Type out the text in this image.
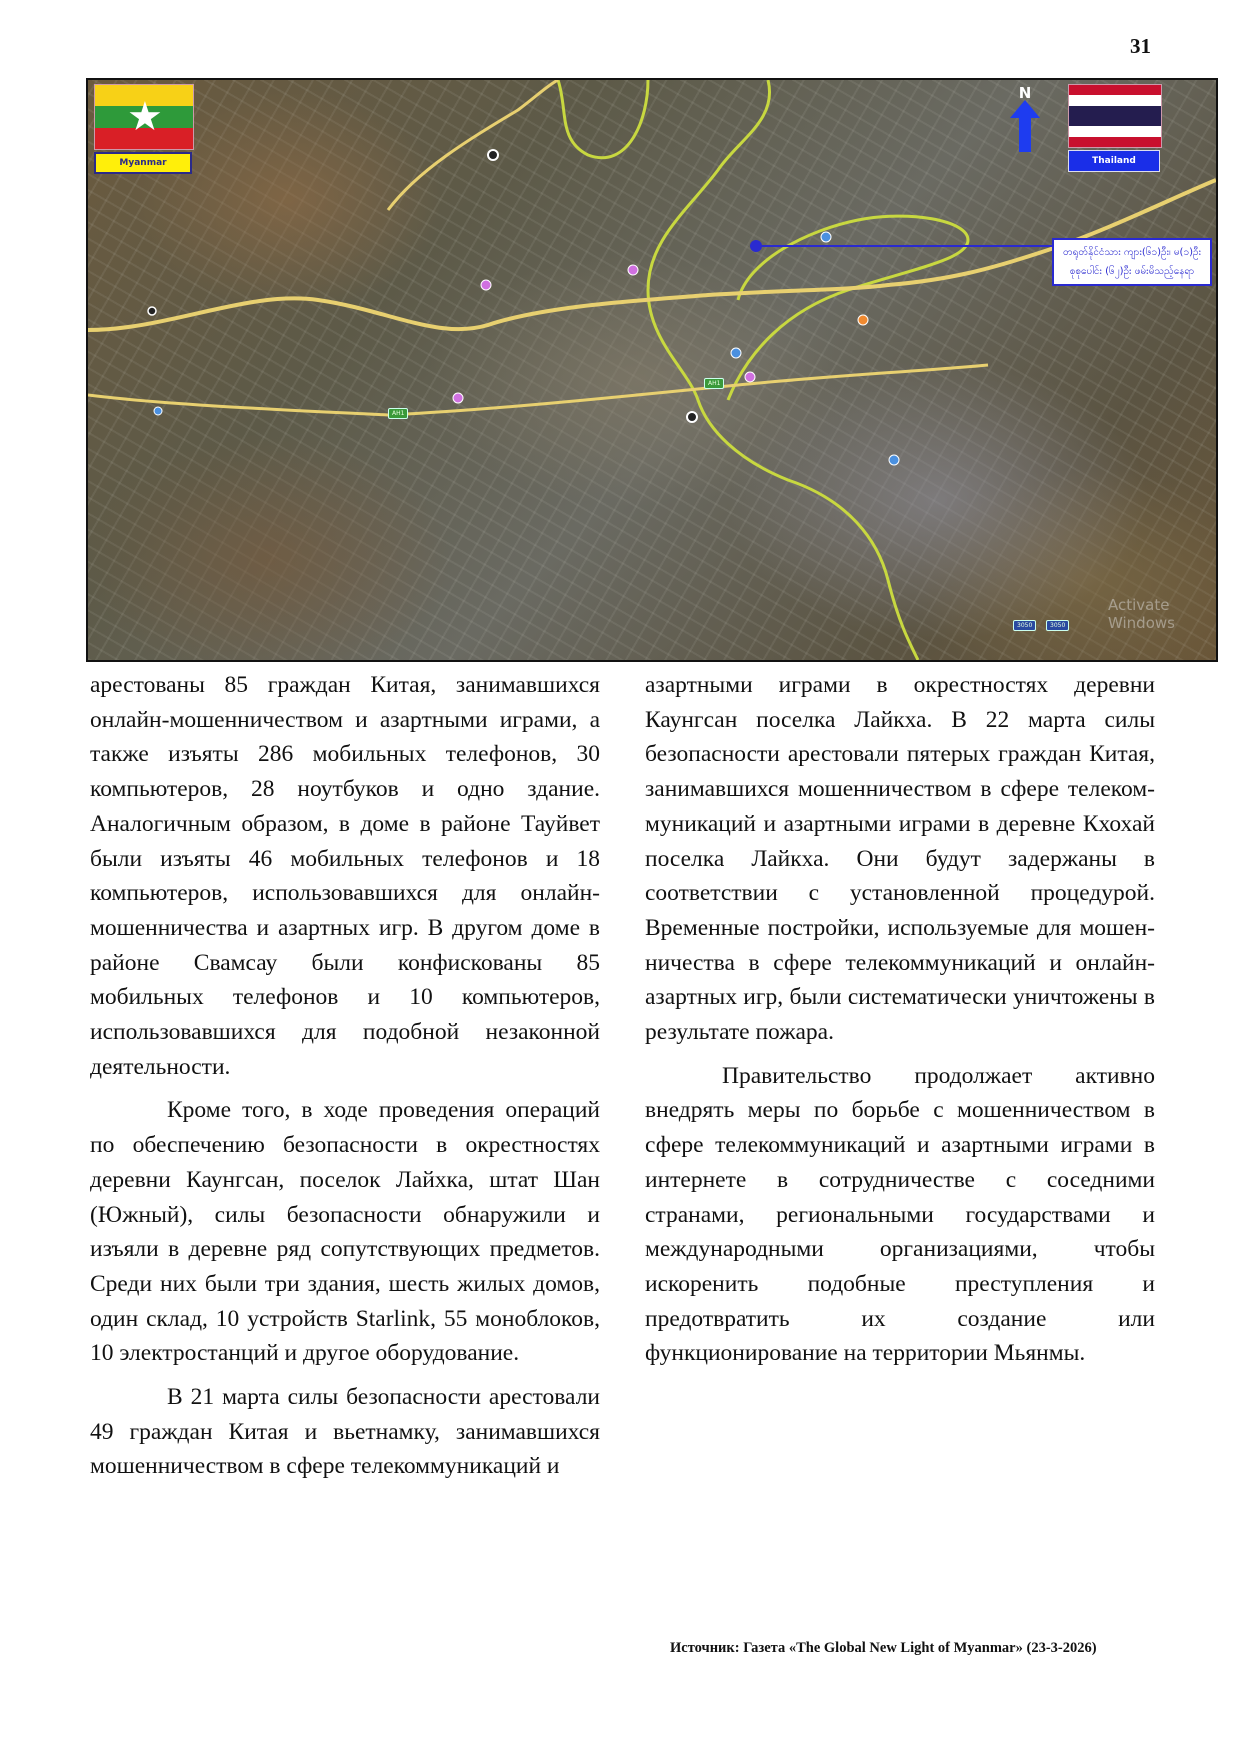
31
★
Myanmar
N
Thailand
တရုတ်နိုင်ငံသား ကျား(၆၁)ဦး၊ မ(၁)ဦး
စုစုပေါင်း (၆၂)ဦး ဖမ်းမိသည့်နေရာ
AH1
AH1
3050	3050
Activate Windows

арестованы 85 граждан Китая, занимавшихся онлайн-мошенничеством и азартными играми, а также изъяты 286 мобильных телефонов, 30 компьютеров, 28 ноутбуков и одно здание. Аналогичным образом, в доме в районе Тауйвет были изъяты 46 мобильных телефонов и 18 компьютеров, использовавшихся для онлайн-мошенничества и азартных игр. В другом доме в районе Свамсау были конфискованы 85 мобильных телефонов и 10 компьютеров, использовавшихся для подобной незаконной деятельности.

Кроме того, в ходе проведения операций по обеспечению безопасности в окрестностях деревни Каунгсан, поселок Лайхка, штат Шан (Южный), силы безопасности обнаружили и изъяли в деревне ряд сопутствующих предметов. Среди них были три здания, шесть жилых домов, один склад, 10 устройств Starlink, 55 моноблоков, 10 электростанций и другое оборудование.

В 21 марта силы безопасности арестовали 49 граждан Китая и вьетнамку, занимавшихся мошенничеством в сфере телекоммуникаций и

азартными играми в окрестностях деревни Каунгсан поселка Лайкха. В 22 марта силы безопасности арестовали пятерых граждан Китая, занимавшихся мошенничеством в сфере телекоммуникаций и азартными играми в деревне Кхохай поселка Лайкха. Они будут задержаны в соответствии с установленной процедурой. Временные постройки, используемые для мошенничества в сфере телекоммуникаций и онлайн-азартных игр, были систематически уничтожены в результате пожара.

Правительство продолжает активно внедрять меры по борьбе с мошенничеством в сфере телекоммуникаций и азартными играми в интернете в сотрудничестве с соседними странами, региональными государствами и международными организациями, чтобы искоренить подобные преступления и предотвратить их создание или функционирование на территории Мьянмы.

Источник: Газета «The Global New Light of Myanmar» (23-3-2026)
